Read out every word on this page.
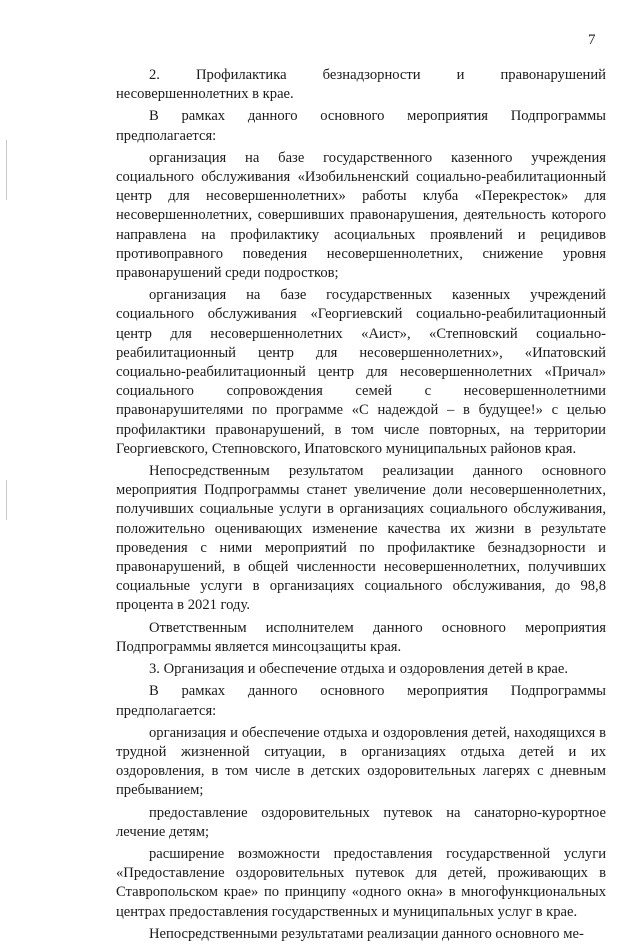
7

2. Профилактика безнадзорности и правонарушений несовершеннолетних в крае.

В рамках данного основного мероприятия Подпрограммы предполагается:

организация на базе государственного казенного учреждения социального обслуживания «Изобильненский социально-реабилитационный центр для несовершеннолетних» работы клуба «Перекресток» для несовершеннолетних, совершивших правонарушения, деятельность которого направлена на профилактику асоциальных проявлений и рецидивов противоправного поведения несовершеннолетних, снижение уровня правонарушений среди подростков;

организация на базе государственных казенных учреждений социального обслуживания «Георгиевский социально-реабилитационный центр для несовершеннолетних «Аист», «Степновский социально-реабилитационный центр для несовершеннолетних», «Ипатовский социально-реабилитационный центр для несовершеннолетних «Причал» социального сопровождения семей с несовершеннолетними правонарушителями по программе «С надеждой – в будущее!» с целью профилактики правонарушений, в том числе повторных, на территории Георгиевского, Степновского, Ипатовского муниципальных районов края.

Непосредственным результатом реализации данного основного мероприятия Подпрограммы станет увеличение доли несовершеннолетних, получивших социальные услуги в организациях социального обслуживания, положительно оценивающих изменение качества их жизни в результате проведения с ними мероприятий по профилактике безнадзорности и правонарушений, в общей численности несовершеннолетних, получивших социальные услуги в организациях социального обслуживания, до 98,8 процента в 2021 году.

Ответственным исполнителем данного основного мероприятия Подпрограммы является минсоцзащиты края.

3. Организация и обеспечение отдыха и оздоровления детей в крае.

В рамках данного основного мероприятия Подпрограммы предполагается:

организация и обеспечение отдыха и оздоровления детей, находящихся в трудной жизненной ситуации, в организациях отдыха детей и их оздоровления, в том числе в детских оздоровительных лагерях с дневным пребыванием;

предоставление оздоровительных путевок на санаторно-курортное лечение детям;

расширение возможности предоставления государственной услуги «Предоставление оздоровительных путевок для детей, проживающих в Ставропольском крае» по принципу «одного окна» в многофункциональных центрах предоставления государственных и муниципальных услуг в крае.

Непосредственными результатами реализации данного основного ме-
